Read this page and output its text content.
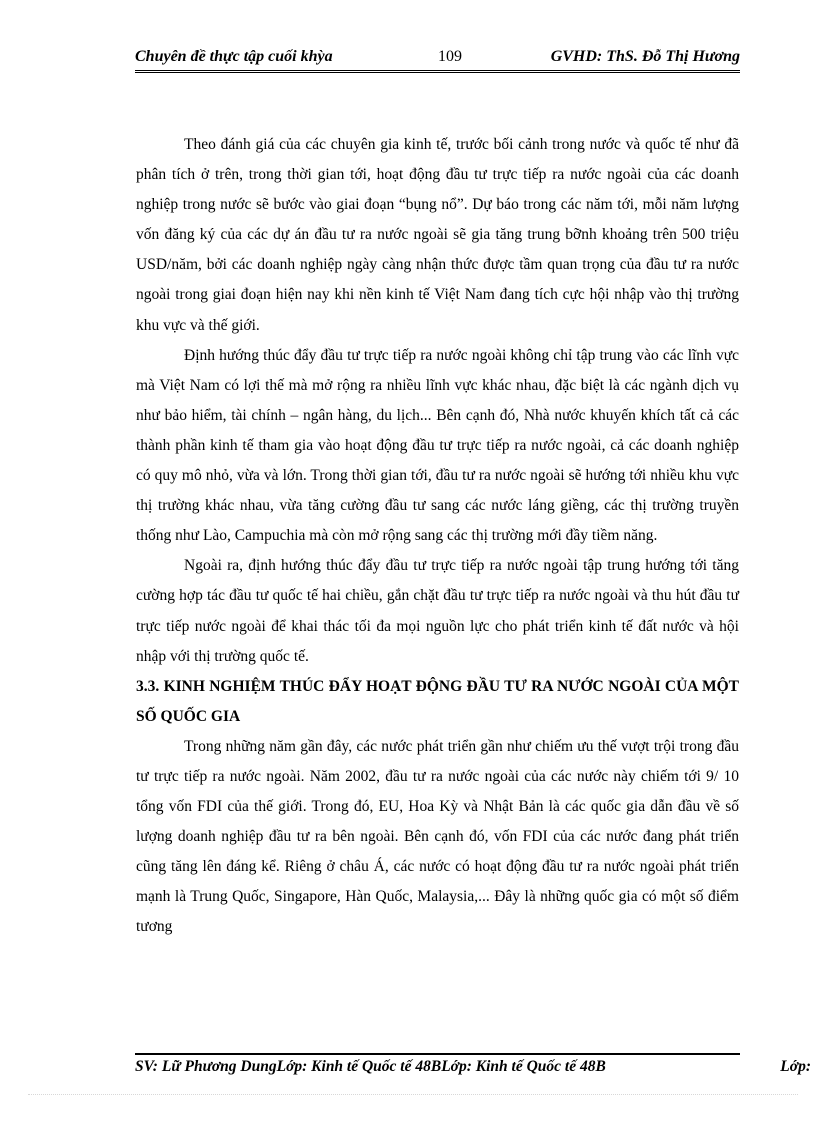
Chuyên đề thực tập cuối khỳa	109	GVHD: ThS. Đỗ Thị Hương

Theo đánh giá của các chuyên gia kinh tế, trước bối cảnh trong nước và quốc tế như đã phân tích ở trên, trong thời gian tới, hoạt động đầu tư trực tiếp ra nước ngoài của các doanh nghiệp trong nước sẽ bước vào giai đoạn “bụng nổ”. Dự báo trong các năm tới, mỗi năm lượng vốn đăng ký của các dự án đầu tư ra nước ngoài sẽ gia tăng trung bỡnh khoảng trên 500 triệu USD/năm, bởi các doanh nghiệp ngày càng nhận thức được tầm quan trọng của đầu tư ra nước ngoài trong giai đoạn hiện nay khi nền kinh tế Việt Nam đang tích cực hội nhập vào thị trường khu vực và thế giới.

Định hướng thúc đẩy đầu tư trực tiếp ra nước ngoài không chỉ tập trung vào các lĩnh vực mà Việt Nam có lợi thế mà mở rộng ra nhiều lĩnh vực khác nhau, đặc biệt là các ngành dịch vụ như bảo hiểm, tài chính – ngân hàng, du lịch... Bên cạnh đó, Nhà nước khuyến khích tất cả các thành phần kinh tế tham gia vào hoạt động đầu tư trực tiếp ra nước ngoài, cả các doanh nghiệp có quy mô nhỏ, vừa và lớn. Trong thời gian tới, đầu tư ra nước ngoài sẽ hướng tới nhiều khu vực thị trường khác nhau, vừa tăng cường đầu tư sang các nước láng giềng, các thị trường truyền thống như Lào, Campuchia mà còn mở rộng sang các thị trường mới đầy tiềm năng.

Ngoài ra, định hướng thúc đẩy đầu tư trực tiếp ra nước ngoài tập trung hướng tới tăng cường hợp tác đầu tư quốc tế hai chiều, gắn chặt đầu tư trực tiếp ra nước ngoài và thu hút đầu tư trực tiếp nước ngoài để khai thác tối đa mọi nguồn lực cho phát triển kinh tế đất nước và hội nhập với thị trường quốc tế.

3.3. KINH NGHIỆM THÚC ĐẨY HOẠT ĐỘNG ĐẦU TƯ RA NƯỚC NGOÀI CỦA MỘT SỐ QUỐC GIA

Trong những năm gần đây, các nước phát triển gần như chiếm ưu thế vượt trội trong đầu tư trực tiếp ra nước ngoài. Năm 2002, đầu tư ra nước ngoài của các nước này chiếm tới 9/ 10 tổng vốn FDI của thế giới. Trong đó, EU, Hoa Kỳ và Nhật Bản là các quốc gia dẫn đầu về số lượng doanh nghiệp đầu tư ra bên ngoài. Bên cạnh đó, vốn FDI của các nước đang phát triển cũng tăng lên đáng kể. Riêng ở châu Á, các nước có hoạt động đầu tư ra nước ngoài phát triển mạnh là Trung Quốc, Singapore, Hàn Quốc, Malaysia,... Đây là những quốc gia có một số điểm tương

SV: Lữ Phương DungLớp: Kinh tế Quốc tế 48BLớp: Kinh tế Quốc tế 48B	Lớp:
